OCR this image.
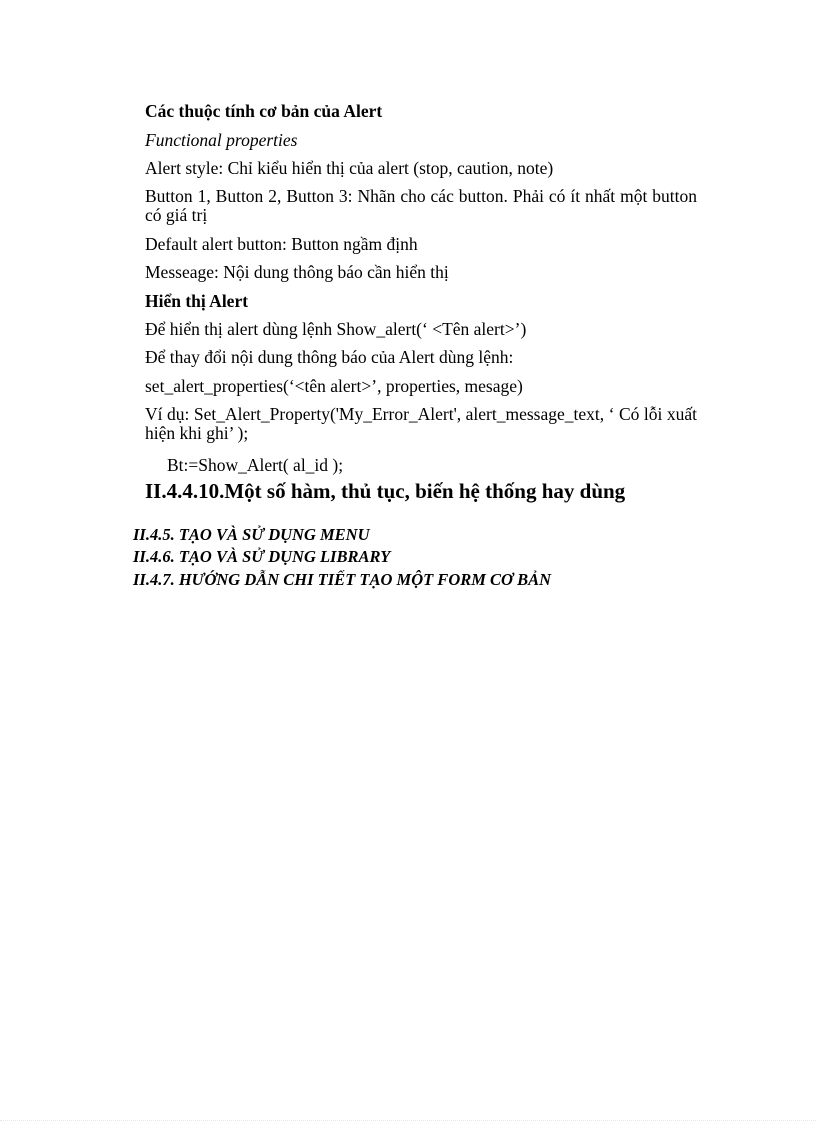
Các thuộc tính cơ bản của Alert
Functional properties
Alert style: Chỉ kiểu hiển thị của alert (stop, caution, note)
Button 1, Button 2, Button 3: Nhãn cho các button. Phải có ít nhất một button có giá trị
Default alert button: Button ngầm định
Messeage: Nội dung thông báo cần hiển thị
Hiển thị Alert
Để hiển thị alert dùng lệnh Show_alert(‘ <Tên alert>’)
Để thay đổi nội dung thông báo của Alert dùng lệnh:
set_alert_properties(‘<tên alert>’, properties, mesage)
Ví dụ: Set_Alert_Property('My_Error_Alert', alert_message_text, ‘ Có lỗi xuất hiện khi ghi’ );
Bt:=Show_Alert( al_id );
II.4.4.10.Một số hàm, thủ tục, biến hệ thống hay dùng
II.4.5. TẠO VÀ SỬ DỤNG MENU
II.4.6. TẠO VÀ SỬ DỤNG LIBRARY
II.4.7. HƯỚNG DẪN CHI TIẾT TẠO MỘT FORM CƠ BẢN
